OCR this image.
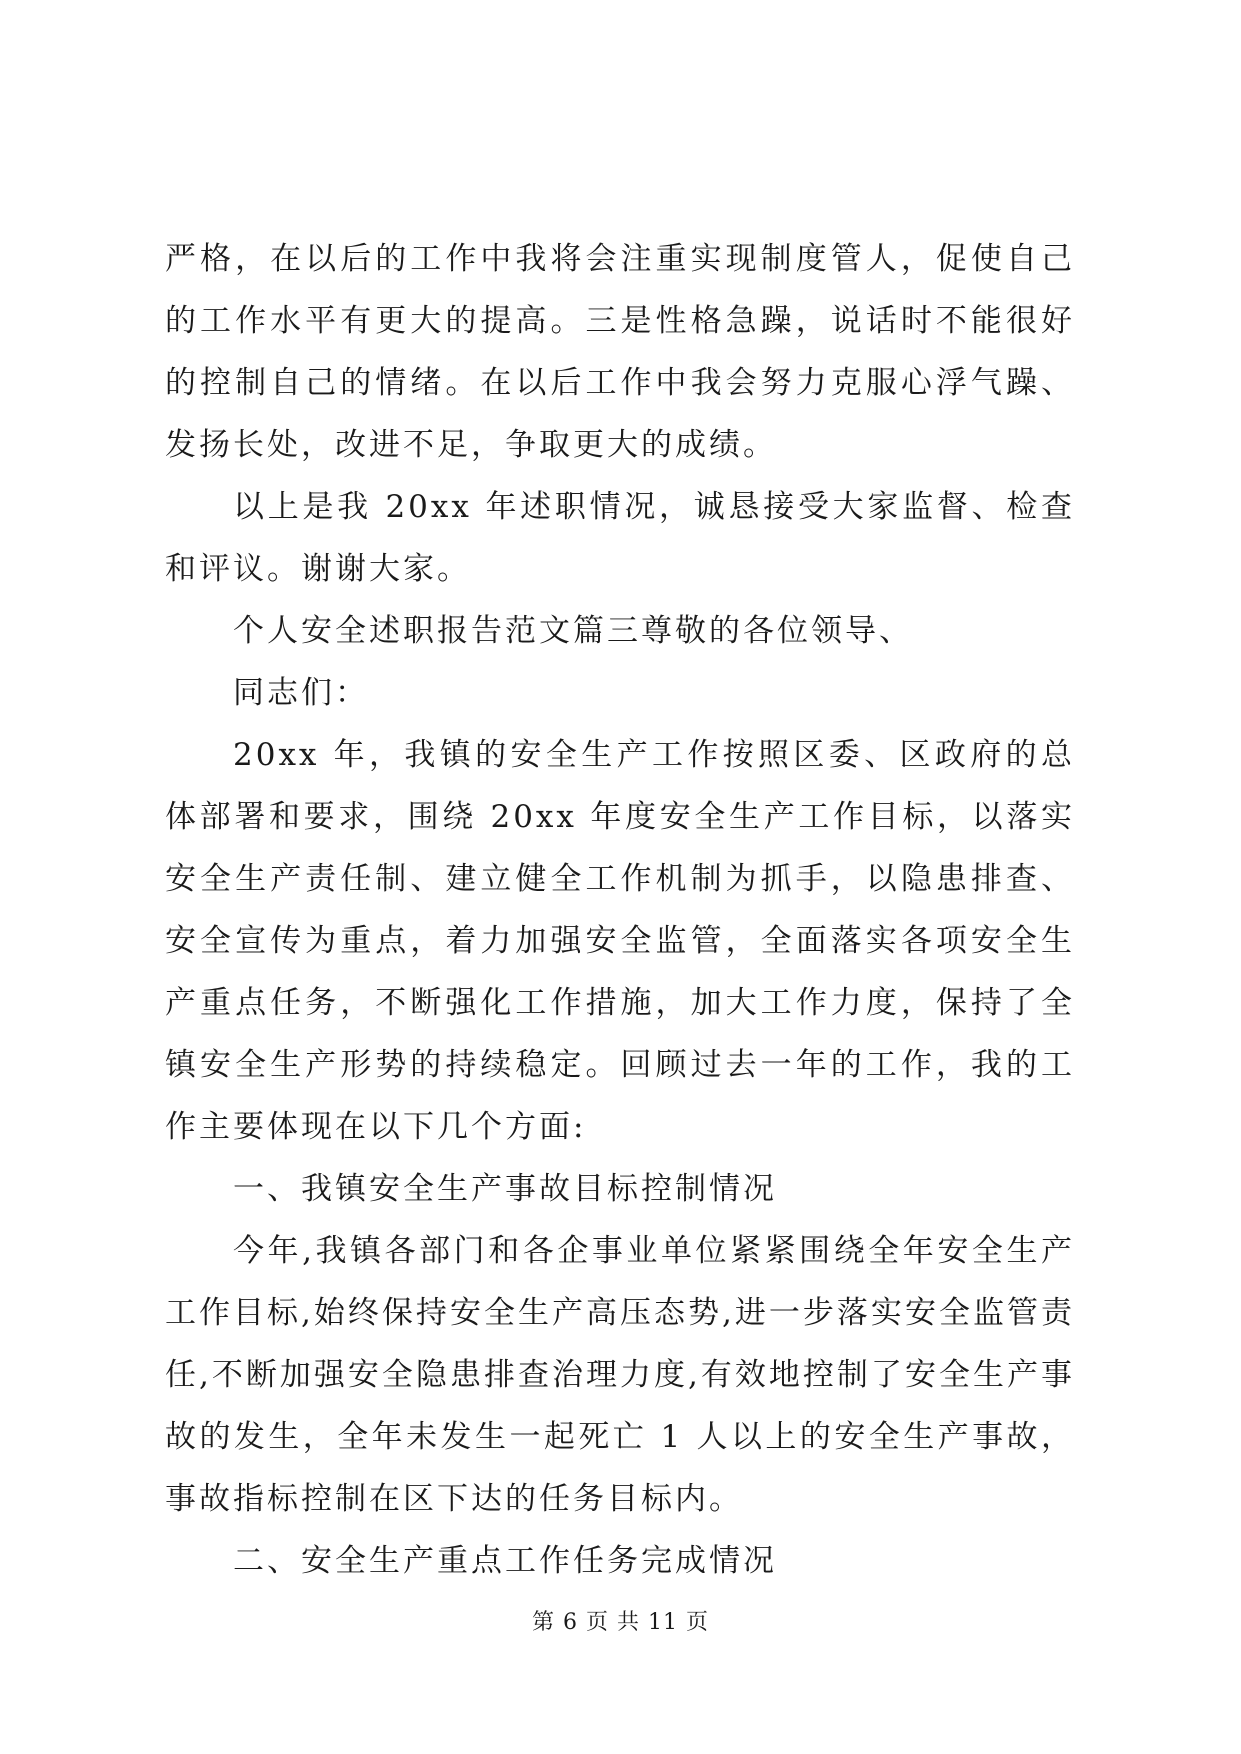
严格，在以后的工作中我将会注重实现制度管人，促使自己的工作水平有更大的提高。三是性格急躁，说话时不能很好的控制自己的情绪。在以后工作中我会努力克服心浮气躁、发扬长处，改进不足，争取更大的成绩。

以上是我 20xx 年述职情况，诚恳接受大家监督、检查和评议。谢谢大家。

个人安全述职报告范文篇三尊敬的各位领导、

同志们：

20xx 年，我镇的安全生产工作按照区委、区政府的总体部署和要求，围绕 20xx 年度安全生产工作目标，以落实安全生产责任制、建立健全工作机制为抓手，以隐患排查、安全宣传为重点，着力加强安全监管，全面落实各项安全生产重点任务，不断强化工作措施，加大工作力度，保持了全镇安全生产形势的持续稳定。回顾过去一年的工作，我的工作主要体现在以下几个方面:

一、我镇安全生产事故目标控制情况

今年,我镇各部门和各企事业单位紧紧围绕全年安全生产工作目标,始终保持安全生产高压态势,进一步落实安全监管责任,不断加强安全隐患排查治理力度,有效地控制了安全生产事故的发生，全年未发生一起死亡 1 人以上的安全生产事故，事故指标控制在区下达的任务目标内。

二、安全生产重点工作任务完成情况

第 6 页 共 11 页
